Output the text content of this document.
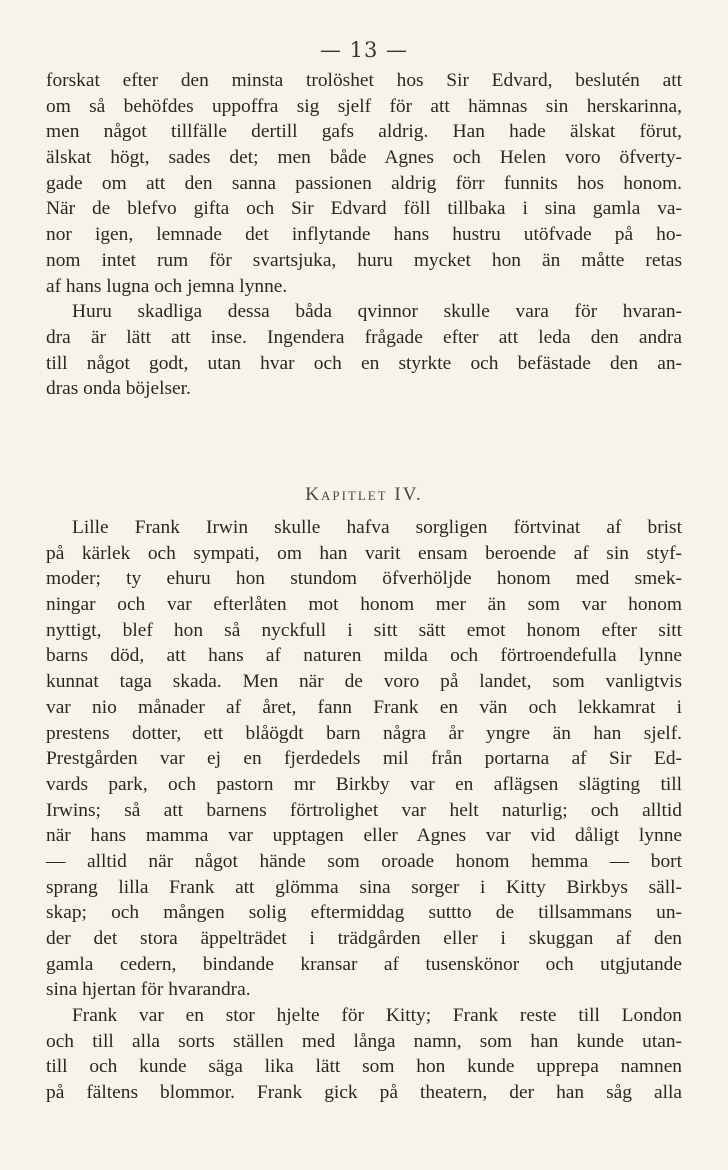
— 13 —
forskat efter den minsta trolöshet hos Sir Edvard, beslutén att
om så behöfdes uppoffra sig sjelf för att hämnas sin herskarinna,
men något tillfälle dertill gafs aldrig. Han hade älskat förut,
älskat högt, sades det; men både Agnes och Helen voro öfverty-
gade om att den sanna passionen aldrig förr funnits hos honom.
När de blefvo gifta och Sir Edvard föll tillbaka i sina gamla va-
nor igen, lemnade det inflytande hans hustru utöfvade på ho-
nom intet rum för svartsjuka, huru mycket hon än måtte retas
af hans lugna och jemna lynne.
Huru skadliga dessa båda qvinnor skulle vara för hvaran-
dra är lätt att inse. Ingendera frågade efter att leda den andra
till något godt, utan hvar och en styrkte och befästade den an-
dras onda böjelser.
Kapitlet IV.
Lille Frank Irwin skulle hafva sorgligen förtvinat af brist
på kärlek och sympati, om han varit ensam beroende af sin styf-
moder; ty ehuru hon stundom öfverhöljde honom med smek-
ningar och var efterlåten mot honom mer än som var honom
nyttigt, blef hon så nyckfull i sitt sätt emot honom efter sitt
barns död, att hans af naturen milda och förtroendefulla lynne
kunnat taga skada. Men när de voro på landet, som vanligtvis
var nio månader af året, fann Frank en vän och lekkamrat i
prestens dotter, ett blåögdt barn några år yngre än han sjelf.
Prestgården var ej en fjerdedels mil från portarna af Sir Ed-
vards park, och pastorn mr Birkby var en aflägsen slägting till
Irwins; så att barnens förtrolighet var helt naturlig; och alltid
när hans mamma var upptagen eller Agnes var vid dåligt lynne
— alltid när något hände som oroade honom hemma — bort
sprang lilla Frank att glömma sina sorger i Kitty Birkbys säll-
skap; och mången solig eftermiddag suttto de tillsammans un-
der det stora äppelträdet i trädgården eller i skuggan af den
gamla cedern, bindande kransar af tusenskönor och utgjutande
sina hjertan för hvarandra.
Frank var en stor hjelte för Kitty; Frank reste till London
och till alla sorts ställen med långa namn, som han kunde utan-
till och kunde säga lika lätt som hon kunde upprepa namnen
på fältens blommor. Frank gick på theatern, der han såg alla
